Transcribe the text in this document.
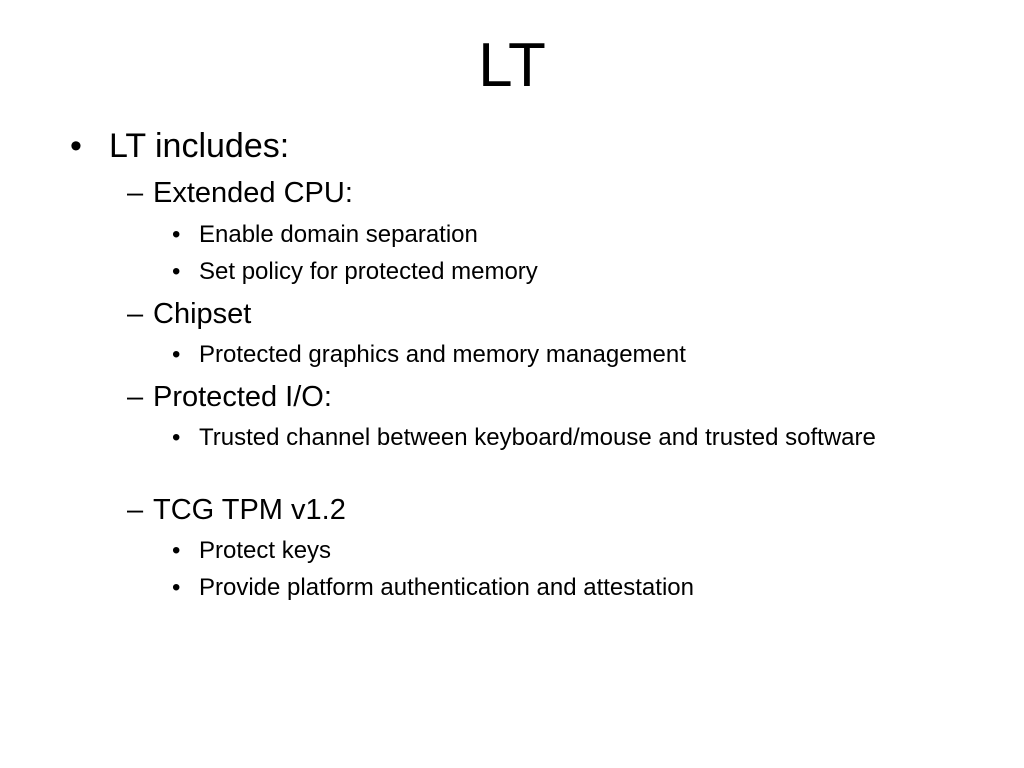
LT
• LT includes:
– Extended CPU:
• Enable domain separation
• Set policy for protected memory
– Chipset
• Protected graphics and memory management
– Protected I/O:
• Trusted channel between keyboard/mouse and trusted software
– TCG TPM v1.2
• Protect keys
• Provide platform authentication and attestation
